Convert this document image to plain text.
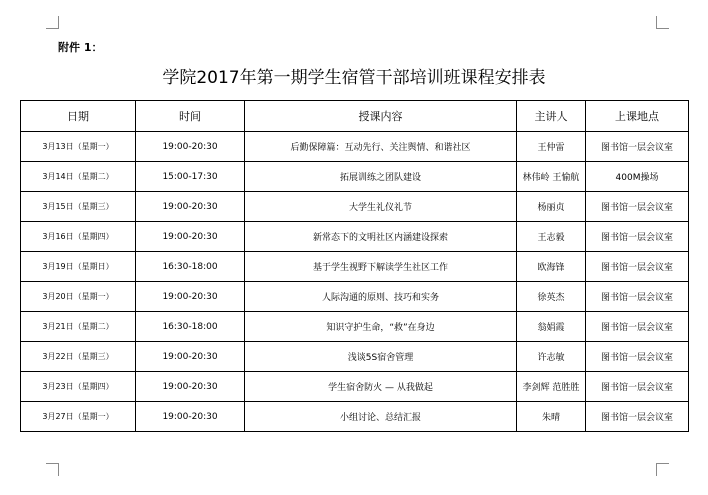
附件 1：
学院2017年第一期学生宿管干部培训班课程安排表
日期	时间	授课内容	主讲人	上课地点
3月13日（星期一）	19:00-20:30	后勤保障篇：互动先行、关注舆情、和谐社区	王仲雷	图书馆一层会议室
3月14日（星期二）	15:00-17:30	拓展训练之团队建设	林伟岭 王愉航	400M操场
3月15日（星期三）	19:00-20:30	大学生礼仪礼节	杨丽贞	图书馆一层会议室
3月16日（星期四）	19:00-20:30	新常态下的文明社区内涵建设探索	王志毅	图书馆一层会议室
3月19日（星期日）	16:30-18:00	基于学生视野下解读学生社区工作	欧海锋	图书馆一层会议室
3月20日（星期一）	19:00-20:30	人际沟通的原则、技巧和实务	徐英杰	图书馆一层会议室
3月21日（星期二）	16:30-18:00	知识守护生命，“救”在身边	翁娟霞	图书馆一层会议室
3月22日（星期三）	19:00-20:30	浅谈5S宿舍管理	许志敏	图书馆一层会议室
3月23日（星期四）	19:00-20:30	学生宿舍防火 — 从我做起	李剑辉 范胜胜	图书馆一层会议室
3月27日（星期一）	19:00-20:30	小组讨论、总结汇报	朱晴	图书馆一层会议室
